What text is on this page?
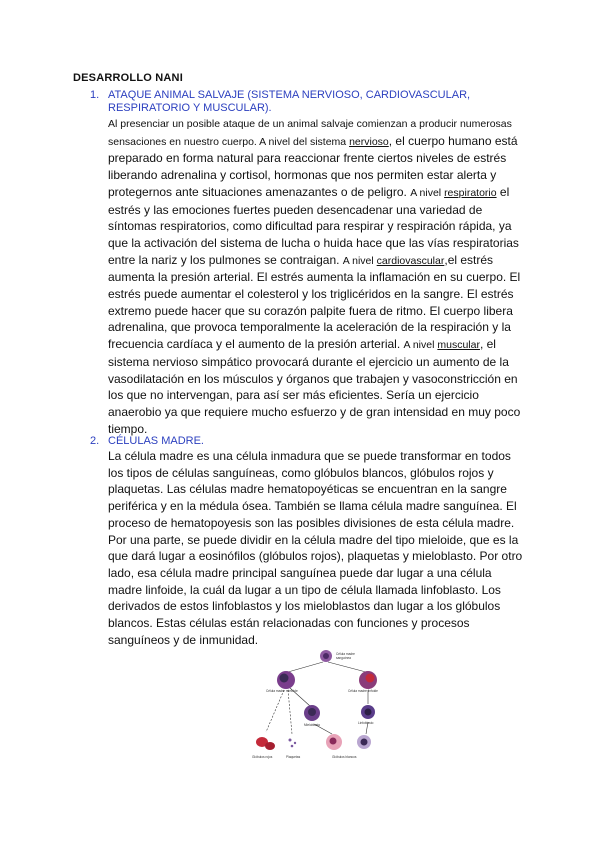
DESARROLLO NANI
1. ATAQUE ANIMAL SALVAJE (SISTEMA NERVIOSO, CARDIOVASCULAR,
RESPIRATORIO Y MUSCULAR).
Al presenciar un posible ataque de un animal salvaje comienzan a producir numerosas sensaciones en nuestro cuerpo. A nivel del sistema nervioso, el cuerpo humano está preparado en forma natural para reaccionar frente ciertos niveles de estrés liberando adrenalina y cortisol, hormonas que nos permiten estar alerta y protegernos ante situaciones amenazantes o de peligro. A nivel respiratorio el estrés y las emociones fuertes pueden desencadenar una variedad de síntomas respiratorios, como dificultad para respirar y respiración rápida, ya que la activación del sistema de lucha o huida hace que las vías respiratorias entre la nariz y los pulmones se contraigan. A nivel cardiovascular,el estrés aumenta la presión arterial. El estrés aumenta la inflamación en su cuerpo. El estrés puede aumentar el colesterol y los triglicéridos en la sangre. El estrés extremo puede hacer que su corazón palpite fuera de ritmo. El cuerpo libera adrenalina, que provoca temporalmente la aceleración de la respiración y la frecuencia cardíaca y el aumento de la presión arterial. A nivel muscular, el sistema nervioso simpático provocará durante el ejercicio un aumento de la vasodilatación en los músculos y órganos que trabajen y vasoconstricción en los que no intervengan, para así ser más eficientes. Sería un ejercicio anaerobio ya que requiere mucho esfuerzo y de gran intensidad en muy poco tiempo.
2. CÉLULAS MADRE.
La célula madre es una célula inmadura que se puede transformar en todos los tipos de células sanguíneas, como glóbulos blancos, glóbulos rojos y plaquetas. Las células madre hematopoyéticas se encuentran en la sangre periférica y en la médula ósea. También se llama célula madre sanguínea. El proceso de hematopoyesis son las posibles divisiones de esta célula madre. Por una parte, se puede dividir en la célula madre del tipo mieloide, que es la que dará lugar a eosinófilos (glóbulos rojos), plaquetas y mieloblasto. Por otro lado, esa célula madre principal sanguínea puede dar lugar a una célula madre linfoide, la cuál da lugar a un tipo de célula llamada linfoblasto. Los derivados de estos linfoblastos y los mieloblastos dan lugar a los glóbulos blancos. Estas células están relacionadas con funciones y procesos sanguíneos y de inmunidad.
Célula madre
sanguínea
Célula madre mieloide	Célula madre linfoide
Mieloblasto	Linfoblasto
Glóbulos rojos	Plaquetas	Glóbulos blancos
